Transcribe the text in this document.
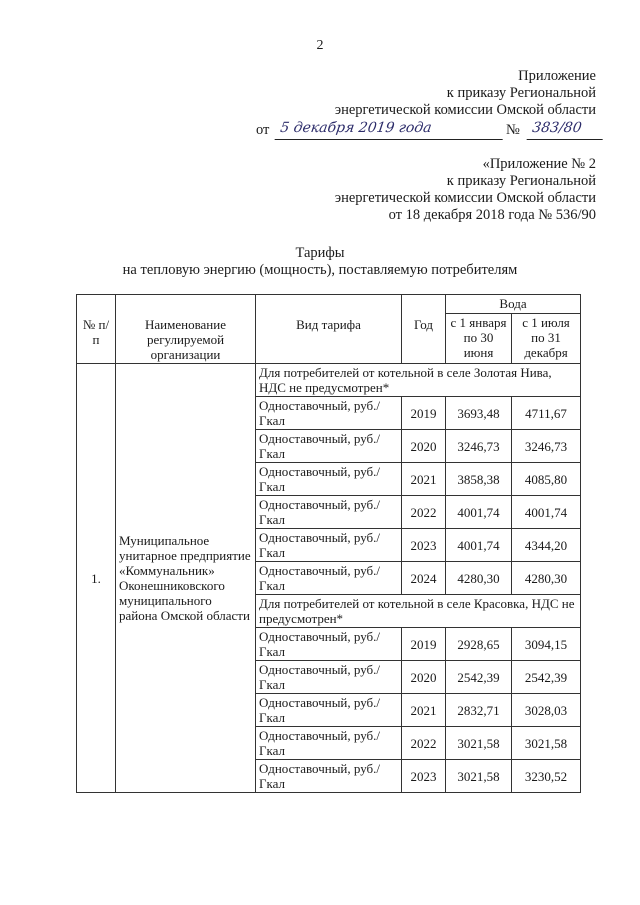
2
Приложение
к приказу Региональной
энергетической комиссии Омской области
от 5 декабря 2019 года	№ 383/80
«Приложение № 2
к приказу Региональной
энергетической комиссии Омской области
от 18 декабря 2018 года № 536/90
Тарифы
на тепловую энергию (мощность), поставляемую потребителям
№ п/п	Наименование регулируемой организации	Вид тарифа	Год	Вода	
				с 1 января по 30 июня	с 1 июля по 31 декабря
1.	Муниципальное унитарное предприятие «Коммунальник» Оконешниковского муниципального района Омской области	Для потребителей от котельной в селе Золотая Нива, НДС не предусмотрен*			
		Одноставочный, руб./Гкал	2019	3693,48	4711,67
		Одноставочный, руб./Гкал	2020	3246,73	3246,73
		Одноставочный, руб./Гкал	2021	3858,38	4085,80
		Одноставочный, руб./Гкал	2022	4001,74	4001,74
		Одноставочный, руб./Гкал	2023	4001,74	4344,20
		Одноставочный, руб./Гкал	2024	4280,30	4280,30
		Для потребителей от котельной в селе Красовка, НДС не предусмотрен*			
		Одноставочный, руб./Гкал	2019	2928,65	3094,15
		Одноставочный, руб./Гкал	2020	2542,39	2542,39
		Одноставочный, руб./Гкал	2021	2832,71	3028,03
		Одноставочный, руб./Гкал	2022	3021,58	3021,58
		Одноставочный, руб./Гкал	2023	3021,58	3230,52
